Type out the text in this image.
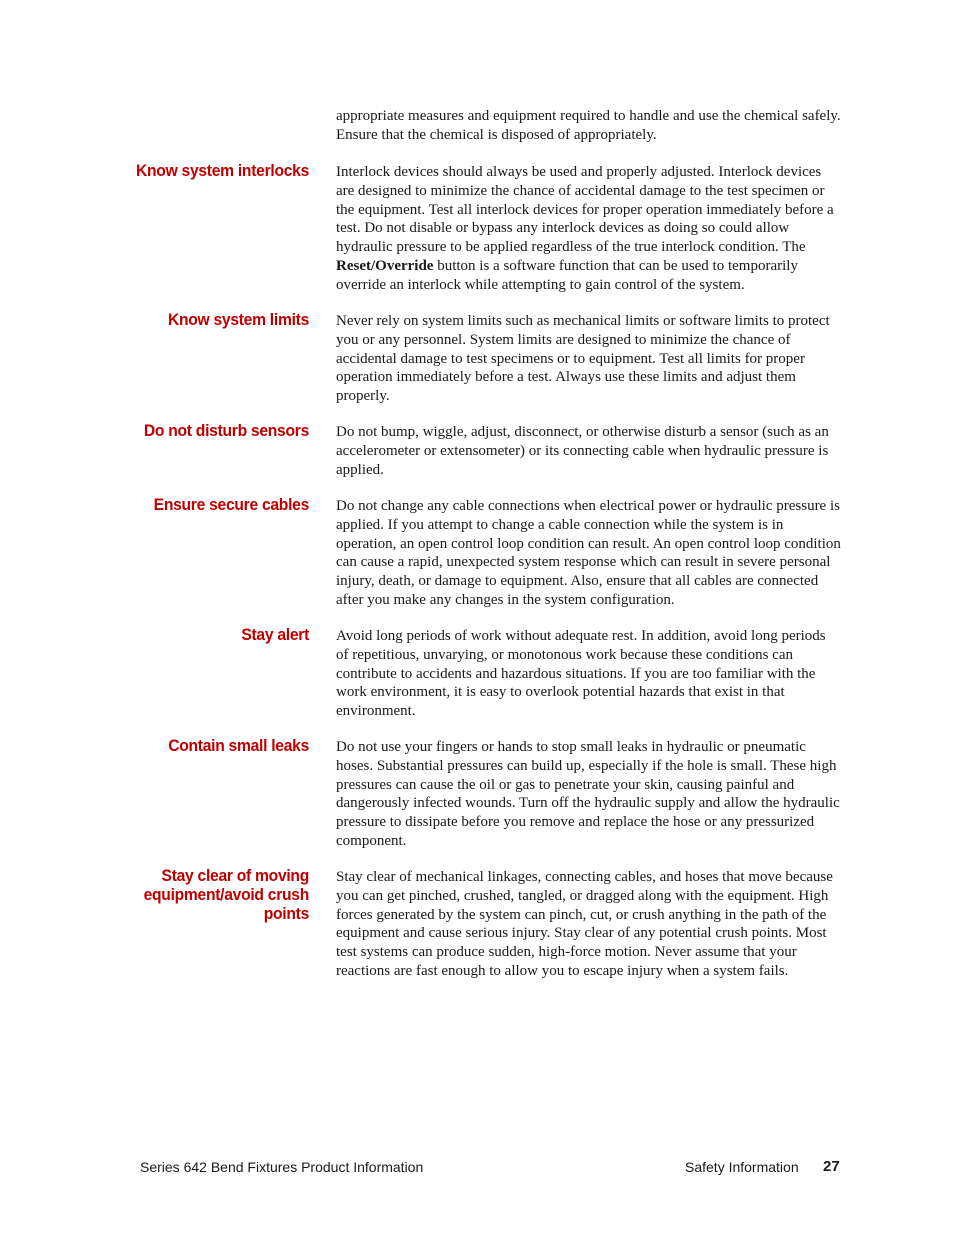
appropriate measures and equipment required to handle and use the chemical safely. Ensure that the chemical is disposed of appropriately.

Know system interlocks Interlock devices should always be used and properly adjusted. Interlock devices are designed to minimize the chance of accidental damage to the test specimen or the equipment. Test all interlock devices for proper operation immediately before a test. Do not disable or bypass any interlock devices as doing so could allow hydraulic pressure to be applied regardless of the true interlock condition. The Reset/Override button is a software function that can be used to temporarily override an interlock while attempting to gain control of the system.

Know system limits Never rely on system limits such as mechanical limits or software limits to protect you or any personnel. System limits are designed to minimize the chance of accidental damage to test specimens or to equipment. Test all limits for proper operation immediately before a test. Always use these limits and adjust them properly.

Do not disturb sensors Do not bump, wiggle, adjust, disconnect, or otherwise disturb a sensor (such as an accelerometer or extensometer) or its connecting cable when hydraulic pressure is applied.

Ensure secure cables Do not change any cable connections when electrical power or hydraulic pressure is applied. If you attempt to change a cable connection while the system is in operation, an open control loop condition can result. An open control loop condition can cause a rapid, unexpected system response which can result in severe personal injury, death, or damage to equipment. Also, ensure that all cables are connected after you make any changes in the system configuration.

Stay alert Avoid long periods of work without adequate rest. In addition, avoid long periods of repetitious, unvarying, or monotonous work because these conditions can contribute to accidents and hazardous situations. If you are too familiar with the work environment, it is easy to overlook potential hazards that exist in that environment.

Contain small leaks Do not use your fingers or hands to stop small leaks in hydraulic or pneumatic hoses. Substantial pressures can build up, especially if the hole is small. These high pressures can cause the oil or gas to penetrate your skin, causing painful and dangerously infected wounds. Turn off the hydraulic supply and allow the hydraulic pressure to dissipate before you remove and replace the hose or any pressurized component.

Stay clear of moving equipment/avoid crush points

Stay clear of mechanical linkages, connecting cables, and hoses that move because you can get pinched, crushed, tangled, or dragged along with the equipment. High forces generated by the system can pinch, cut, or crush anything in the path of the equipment and cause serious injury. Stay clear of any potential crush points. Most test systems can produce sudden, high-force motion. Never assume that your reactions are fast enough to allow you to escape injury when a system fails.

Series 642 Bend Fixtures Product Information	Safety Information 27
